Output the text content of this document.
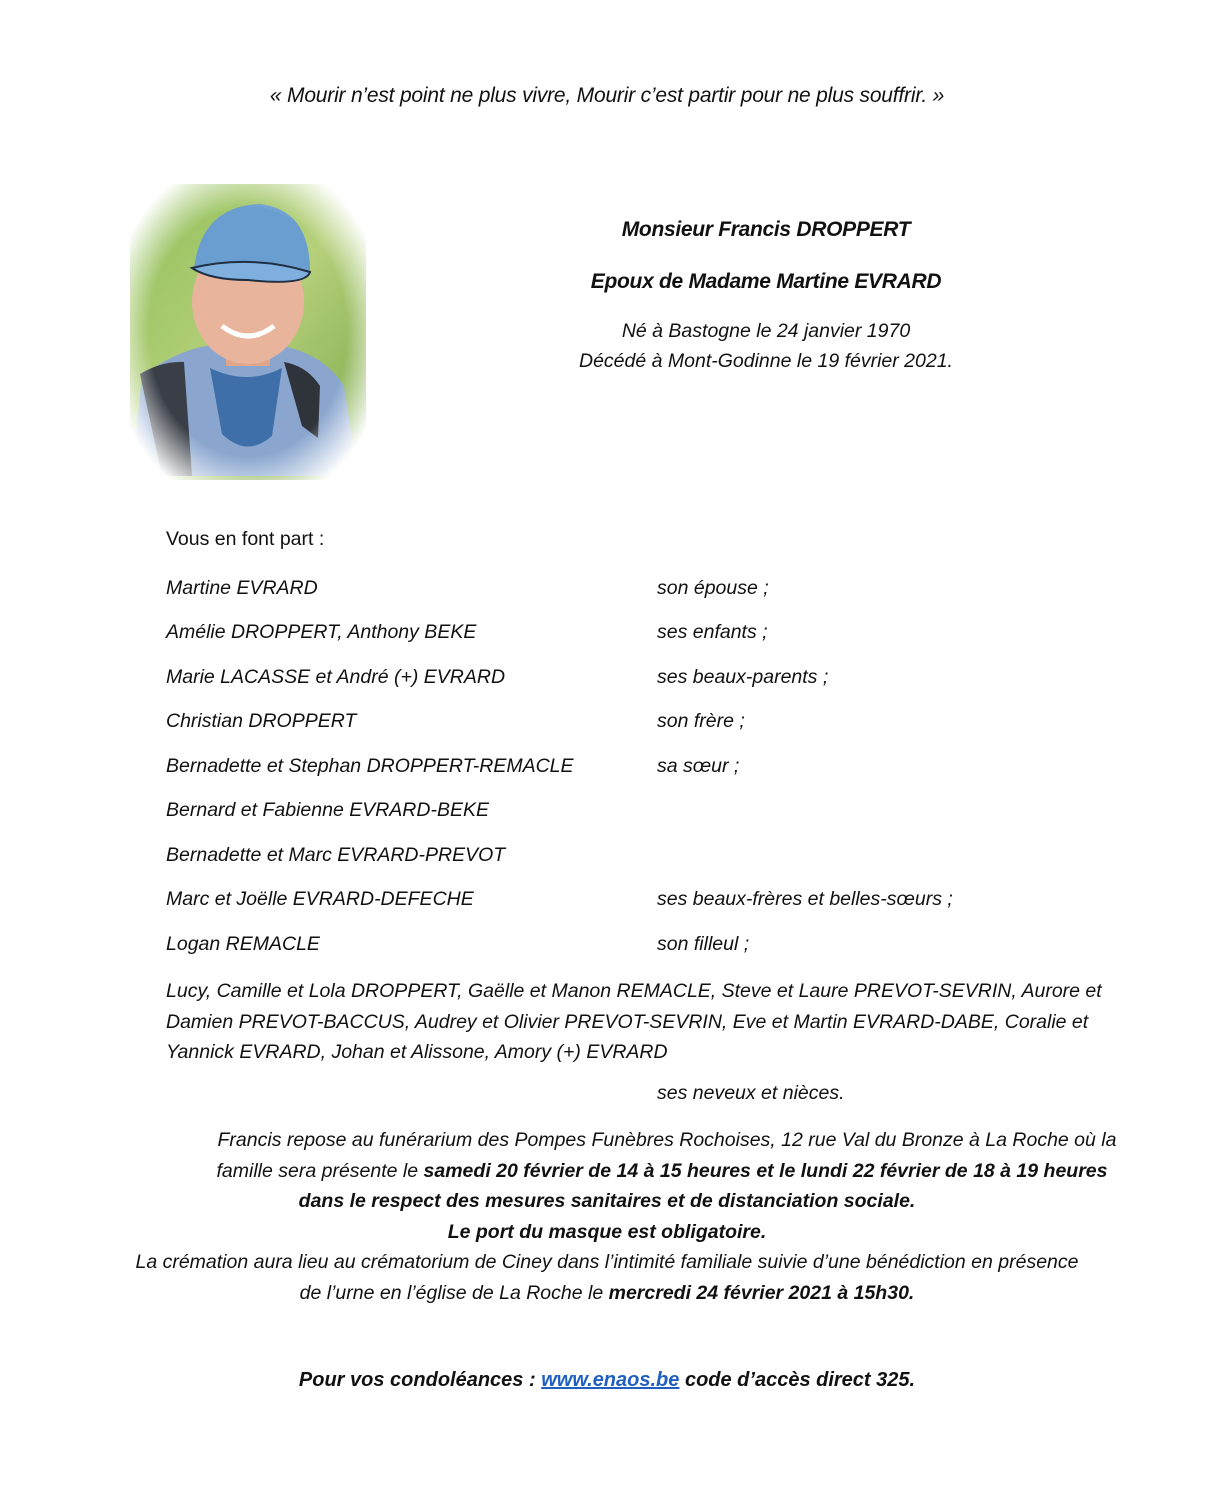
« Mourir n’est point ne plus vivre, Mourir c’est partir pour ne plus souffrir. »
Monsieur Francis DROPPERT
Epoux de Madame Martine EVRARD
Né à Bastogne le 24 janvier 1970
Décédé à Mont-Godinne le 19 février 2021.
Vous en font part :
Martine EVRARD	son épouse ;
Amélie DROPPERT, Anthony BEKE	ses enfants ;
Marie LACASSE et André (+) EVRARD	ses beaux-parents ;
Christian DROPPERT	son frère ;
Bernadette et Stephan DROPPERT-REMACLE	sa sœur ;
Bernard et Fabienne EVRARD-BEKE
Bernadette et Marc EVRARD-PREVOT
Marc et Joëlle EVRARD-DEFECHE	ses beaux-frères et belles-sœurs ;
Logan REMACLE	son filleul ;
Lucy, Camille et Lola DROPPERT, Gaëlle et Manon REMACLE, Steve et Laure PREVOT-SEVRIN, Aurore et Damien PREVOT-BACCUS, Audrey et Olivier PREVOT-SEVRIN, Eve et Martin EVRARD-DABE, Coralie et Yannick EVRARD, Johan et Alissone, Amory (+) EVRARD
ses neveux et nièces.
Francis repose au funérarium des Pompes Funèbres Rochoises, 12 rue Val du Bronze à La Roche où la
famille sera présente le samedi 20 février de 14 à 15 heures et le lundi 22 février de 18 à 19 heures
dans le respect des mesures sanitaires et de distanciation sociale.
Le port du masque est obligatoire.
La crémation aura lieu au crématorium de Ciney dans l’intimité familiale suivie d’une bénédiction en présence
de l’urne en l’église de La Roche le mercredi 24 février 2021 à 15h30.
Pour vos condoléances : www.enaos.be code d’accès direct 325.
